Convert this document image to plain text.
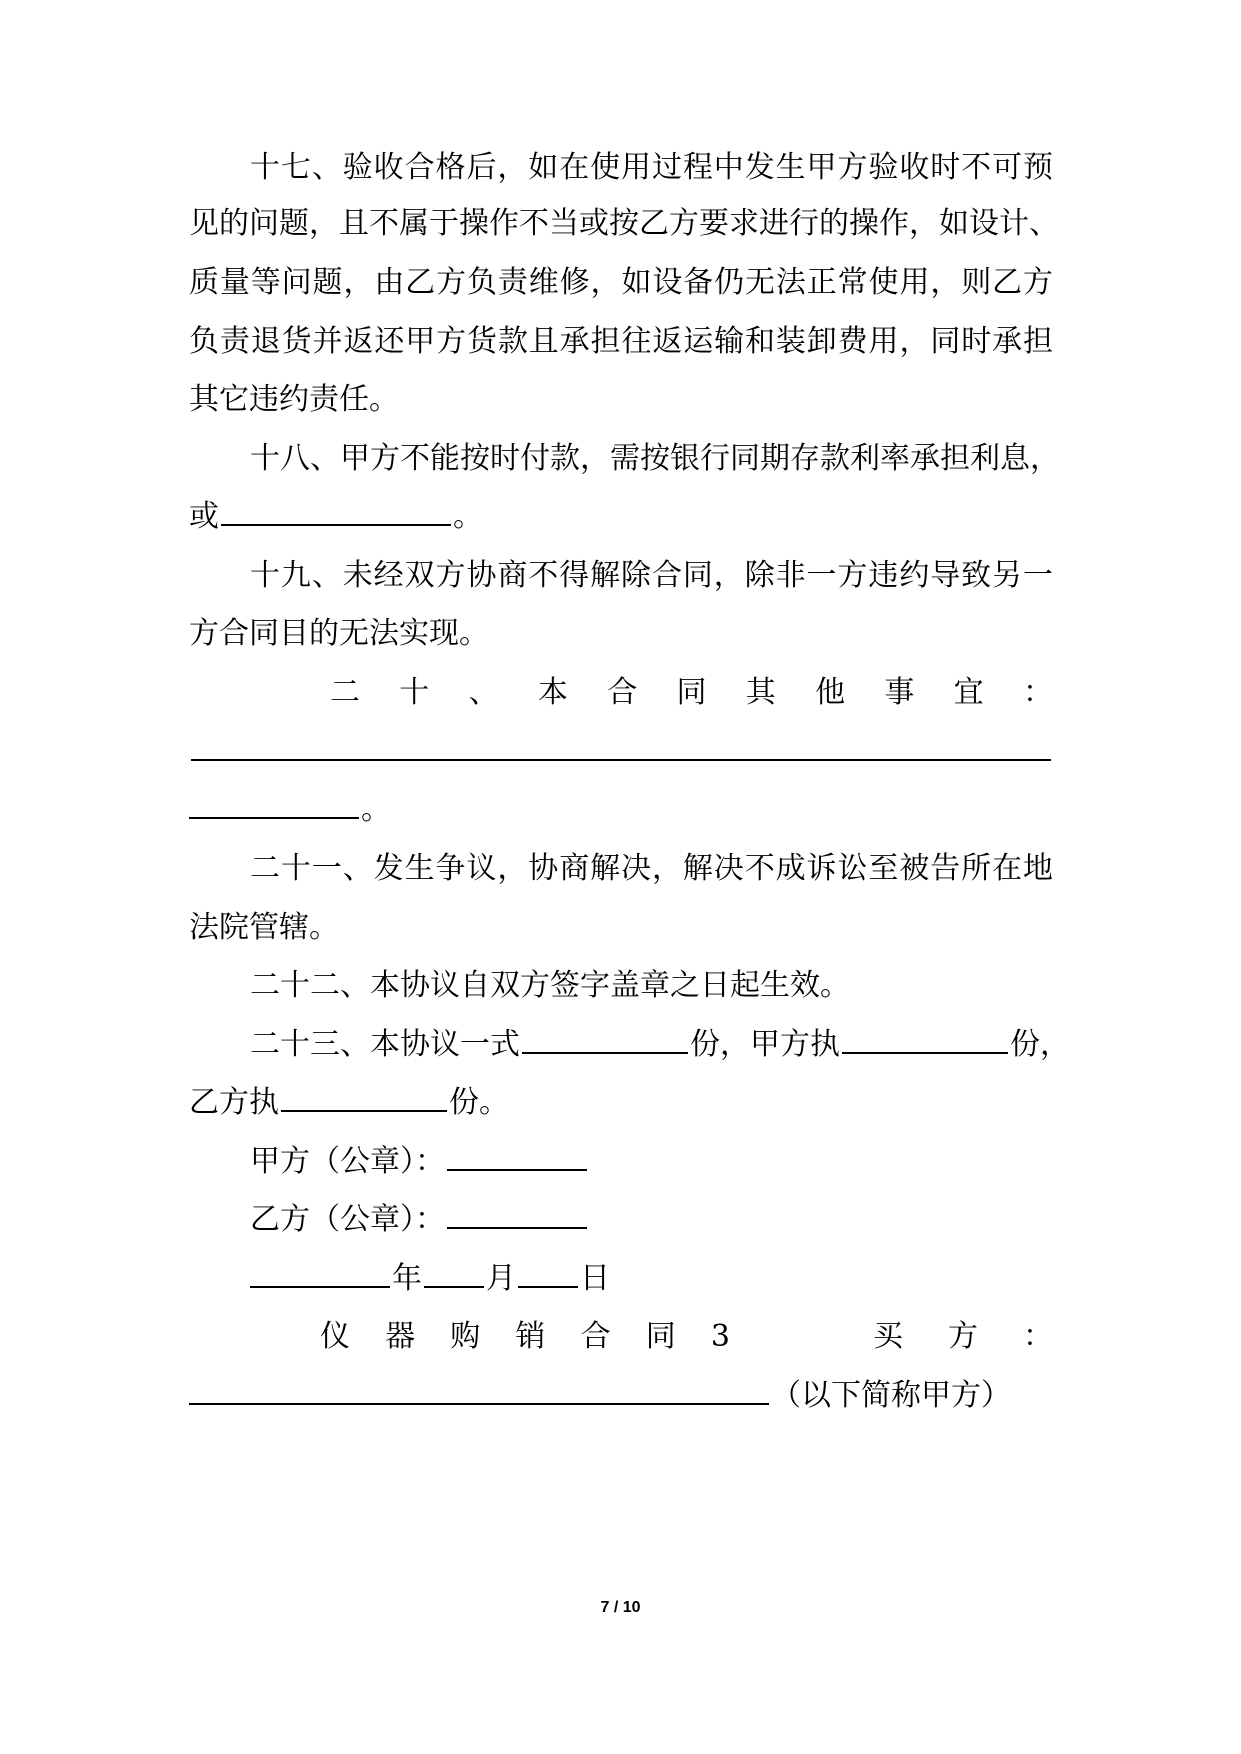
十七、验收合格后，如在使用过程中发生甲方验收时不可预
见的问题，且不属于操作不当或按乙方要求进行的操作，如设计、
质量等问题，由乙方负责维修，如设备仍无法正常使用，则乙方
负责退货并返还甲方货款且承担往返运输和装卸费用，同时承担
其它违约责任。
十八、甲方不能按时付款，需按银行同期存款利率承担利息，
或	。
十九、未经双方协商不得解除合同，除非一方违约导致另一
方合同目的无法实现。
二 十 、 本 合 同 其 他 事 宜 ：
。
二十一、发生争议，协商解决，解决不成诉讼至被告所在地
法院管辖。
二十二、本协议自双方签字盖章之日起生效。
二十三、本协议一式	份，甲方执	份，
乙方执	份。
甲方（公章）：
乙方（公章）：
年 月 日
仪 器 购 销 合 同 3	买 方 ：
（以下简称甲方）
7 / 10
